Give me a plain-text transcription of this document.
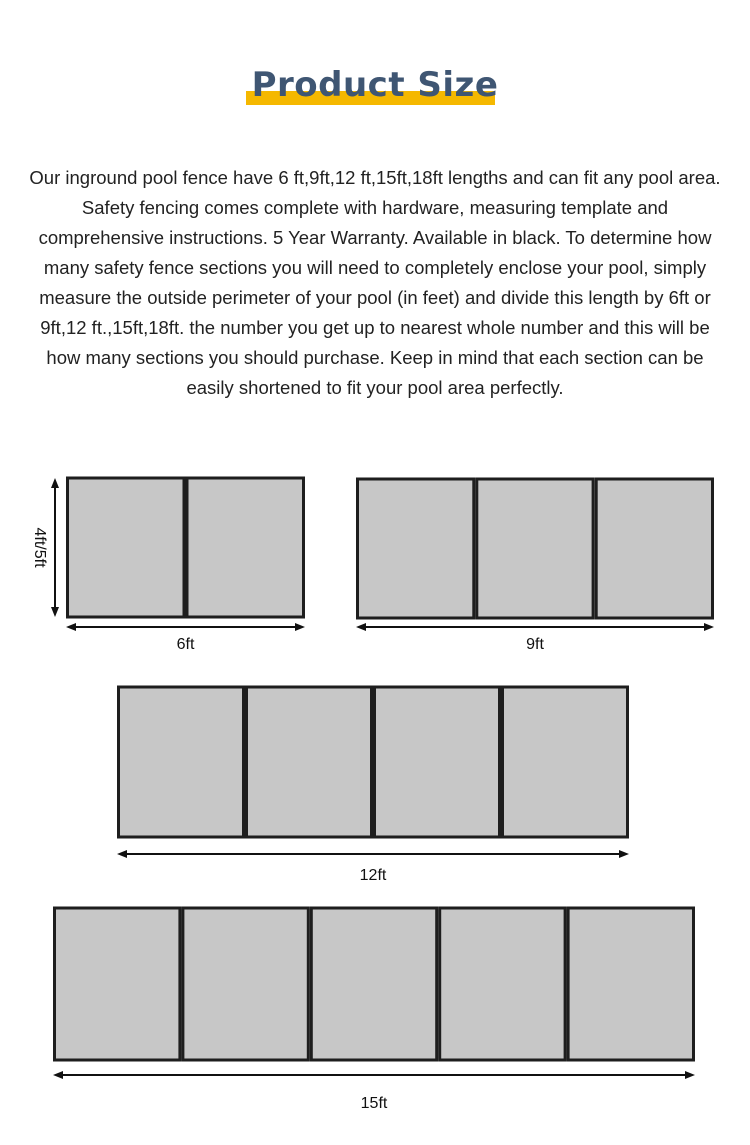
Product Size
Our inground pool fence have 6 ft,9ft,12 ft,15ft,18ft lengths and can fit any pool area. Safety fencing comes complete with hardware, measuring template and comprehensive instructions. 5 Year Warranty. Available in black. To determine how many safety fence sections you will need to completely enclose your pool, simply measure the outside perimeter of your pool (in feet) and divide this length by 6ft or 9ft,12 ft.,15ft,18ft. the number you get up to nearest whole number and this will be how many sections you should purchase. Keep in mind that each section can be easily shortened to fit your pool area perfectly.
6ft
4ft/5ft
9ft
12ft
15ft
